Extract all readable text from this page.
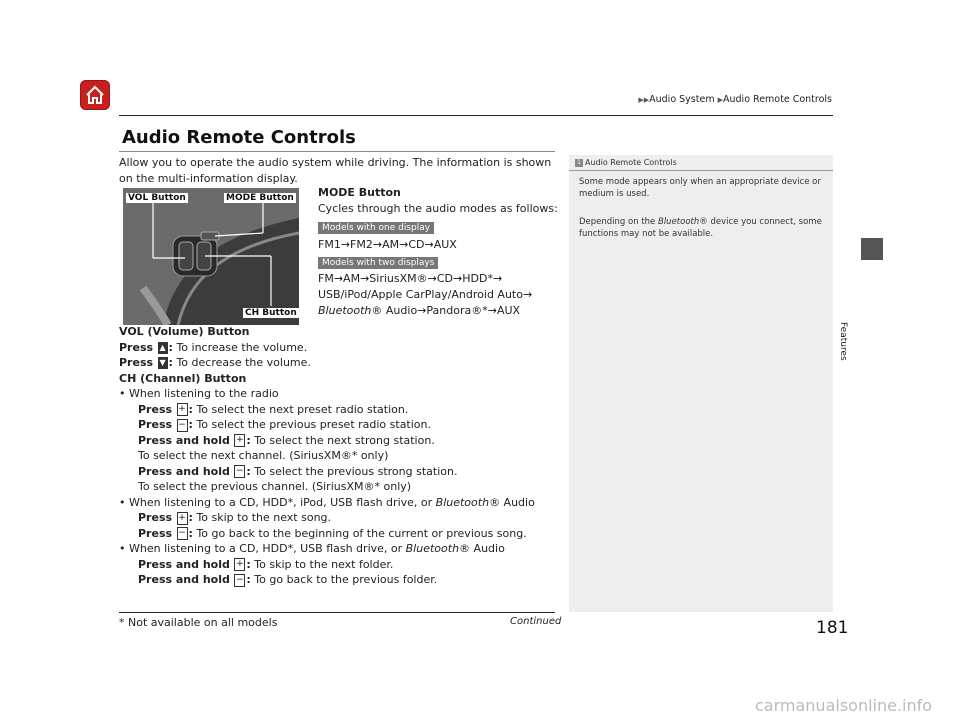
▶▶Audio System ▶Audio Remote Controls
Features
Audio Remote Controls
Allow you to operate the audio system while driving. The information is shown on the multi-information display.
VOL Button	MODE Button
CH Button
MODE Button
Cycles through the audio modes as follows:
Models with one display
FM1→FM2→AM→CD→AUX
Models with two displays
FM→AM→SiriusXM®→CD→HDD*→
USB/iPod/Apple CarPlay/Android Auto→
Bluetooth® Audio→Pandora®*→AUX
VOL (Volume) Button
Press ▲ : To increase the volume.
Press ▼ : To decrease the volume.
CH (Channel) Button
• When listening to the radio
Press + : To select the next preset radio station.
Press − : To select the previous preset radio station.
Press and hold + : To select the next strong station.
To select the next channel. (SiriusXM®* only)
Press and hold − : To select the previous strong station.
To select the previous channel. (SiriusXM®* only)
• When listening to a CD, HDD*, iPod, USB flash drive, or Bluetooth® Audio
Press + : To skip to the next song.
Press − : To go back to the beginning of the current or previous song.
• When listening to a CD, HDD*, USB flash drive, or Bluetooth® Audio
Press and hold + : To skip to the next folder.
Press and hold − : To go back to the previous folder.
1 Audio Remote Controls
Some mode appears only when an appropriate device or medium is used.
Depending on the Bluetooth® device you connect, some functions may not be available.
* Not available on all models	Continued	181
carmanualsonline.info
